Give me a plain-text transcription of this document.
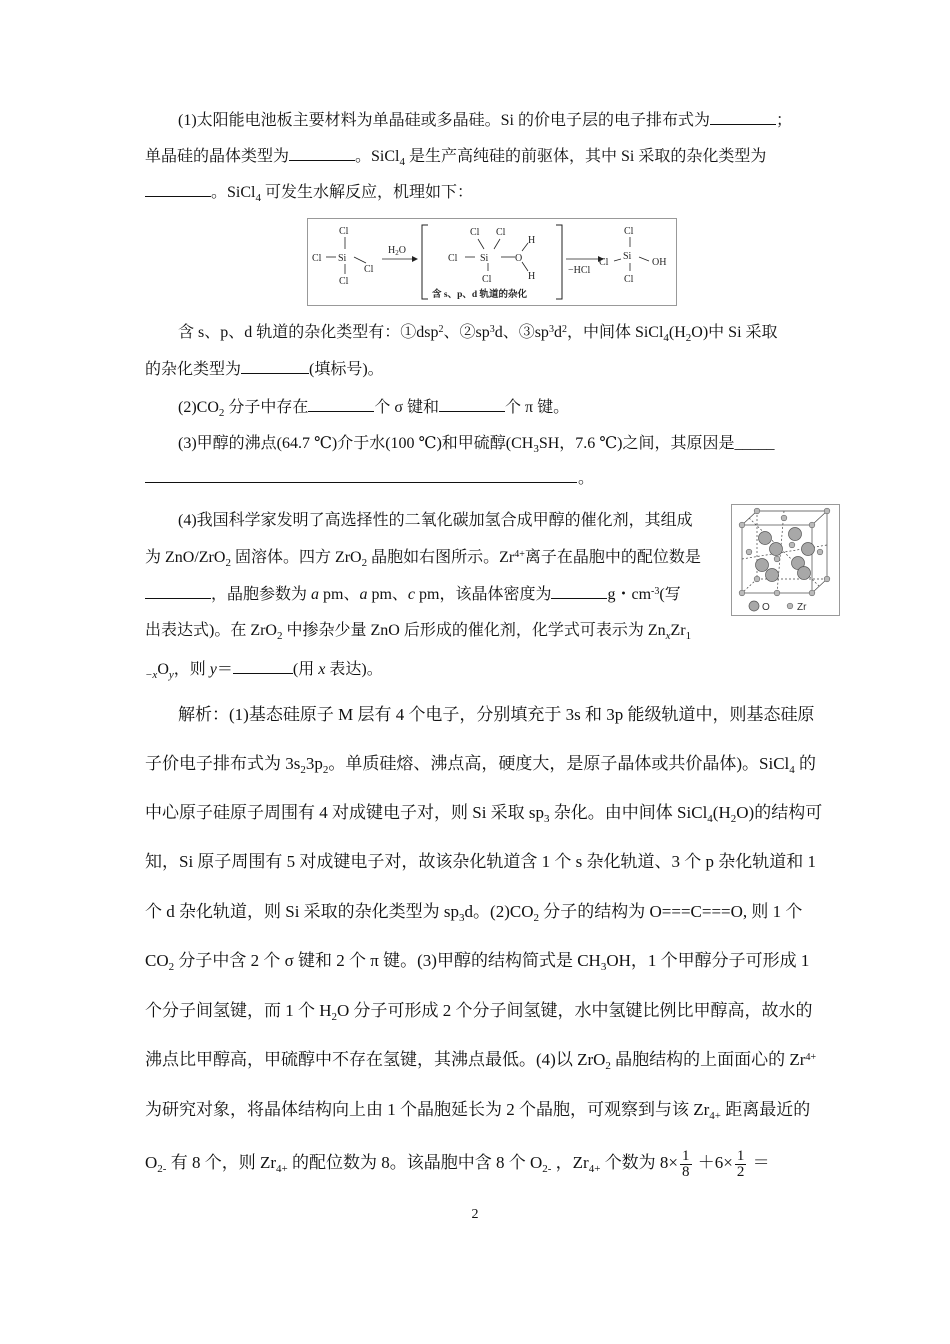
(1)太阳能电池板主要材料为单晶硅或多晶硅。Si 的价电子层的电子排布式为	；
单晶硅的晶体类型为	。SiCl$_4$ 是生产高纯硅的前驱体，其中 Si 采取的杂化类型为
。SiCl$_4$ 可发生水解反应，机理如下：
Cl
Si
Cl
Cl
Cl
$H_2O$
Cl Cl
Cl Si	O
H
H
Cl
含 s、p、d 轨道的杂化
−HCl
Cl
Si
Cl	OH
Cl
含 s、p、d 轨道的杂化类型有：①dsp$^2$、$②sp^3d$、$③sp^3d^2$，中间体 $SiCl_4(H_2O)$中 Si 采取
的杂化类型为	(填标号)。
$(2)CO_2$ 分子中存在	个 σ 键和	个 π 键。
(3)甲醇的沸点(64.7 ℃)介于水(100 ℃)和甲硫醇($CH_3SH$，7.6 ℃)之间，其原因是_____
。
(4)我国科学家发明了高选择性的二氧化碳加氢合成甲醇的催化剂，其组成
为 ZnO/ZrO$_2$ 固溶体。四方 ZrO$_2$ 晶胞如右图所示。$Zr^{4+}$离子在晶胞中的配位数是
，晶胞参数为 a pm、a pm、c pm，该晶体密度为	g・$cm^{-3}$(写
出表达式)。在 ZrO$_2$ 中掺杂少量 ZnO 后形成的催化剂，化学式可表示为 $Zn_xZr_1$
$_{-x}O_y$，则 y＝	(用 x 表达)。
O	Zr
解析：(1)基态硅原子 M 层有 4 个电子，分别填充于 3s 和 3p 能级轨道中，则基态硅原
子价电子排布式为 $3s_23p_2$。单质硅熔、沸点高，硬度大，是原子晶体或共价晶体)。SiCl$_4$ 的
中心原子硅原子周围有 4 对成键电子对，则 Si 采取 $sp_3$ 杂化。由中间体 $SiCl_4(H_2O)$的结构可
知，Si 原子周围有 5 对成键电子对，故该杂化轨道含 1 个 s 杂化轨道、3 个 p 杂化轨道和 1
个 d 杂化轨道，则 Si 采取的杂化类型为 $sp_3d$。$(2)CO_2$ 分子的结构为 O===C===O, 则 1 个
$CO_2$ 分子中含 2 个 σ 键和 2 个 π 键。(3)甲醇的结构简式是 $CH_3OH$，1 个甲醇分子可形成 1
个分子间氢键，而 1 个 $H_2O$ 分子可形成 2 个分子间氢键，水中氢键比例比甲醇高，故水的
沸点比甲醇高，甲硫醇中不存在氢键，其沸点最低。(4)以 ZrO$_2$ 晶胞结构的上面面心的 $Zr^{4+}$
为研究对象，将晶体结构向上由 1 个晶胞延长为 2 个晶胞，可观察到与该 $Zr_{4+}$ 距离最近的
$O_{2-}$ 有 8 个，则 $Zr_{4+}$ 的配位数为 8。该晶胞中含 8 个 $O_{2-}$ ，$Zr_{4+}$ 个数为 $8\times \frac{1}{8} +6\times \frac{1}{2}$ ＝
2
